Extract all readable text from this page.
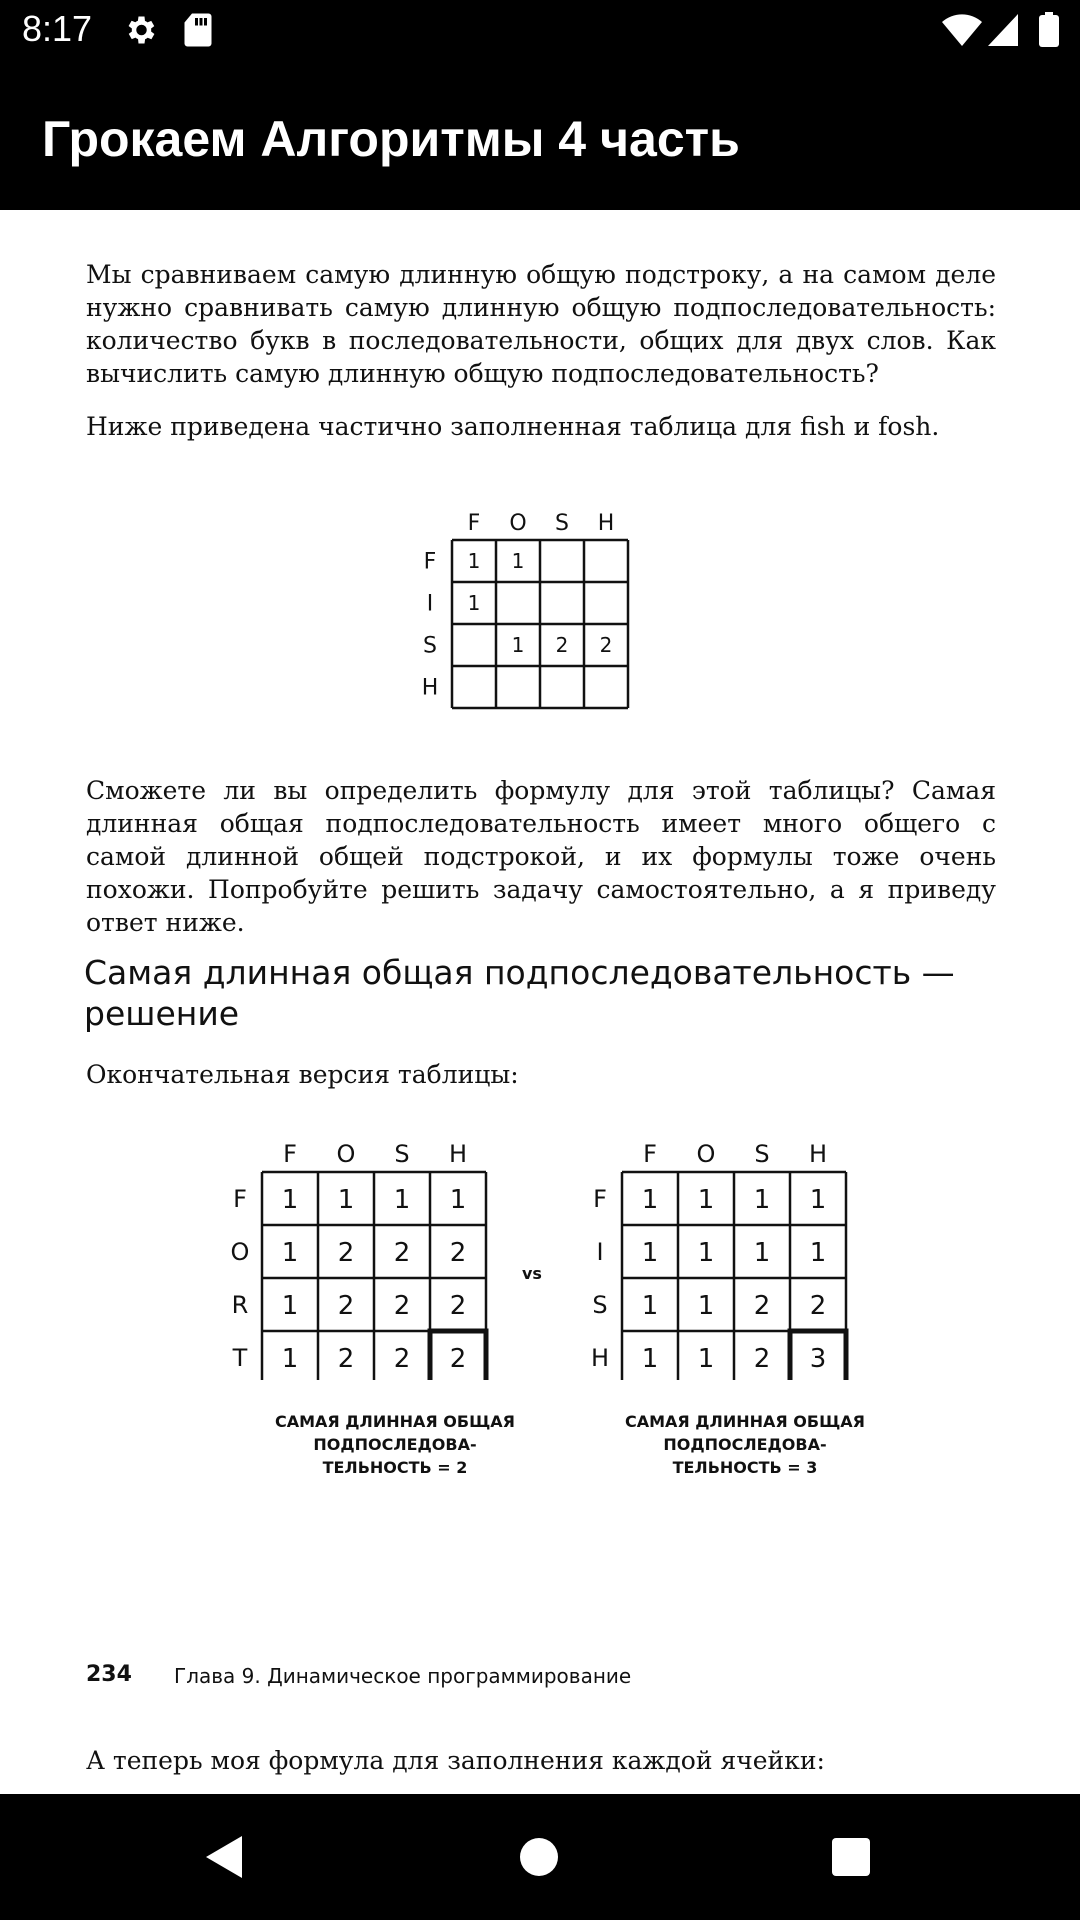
8:17
Грокаем Алгоритмы 4 часть
Мы сравниваем самую длинную общую подстроку, а на самом деле нужно сравнивать самую длинную общую подпоследовательность: количество букв в последовательности, общих для двух слов. Как вычислить самую длинную общую подпоследовательность?
Ниже приведена частично заполненная таблица для fish и fosh.
F O S H
F
I
S
H
1 1
1
1 2 2
Сможете ли вы определить формулу для этой таблицы? Самая длинная общая подпоследовательность имеет много общего с самой длинной общей подстрокой, и их формулы тоже очень похожи. Попробуйте решить задачу самостоятельно, а я приведу ответ ниже.
Самая длинная общая подпоследовательность — решение
Окончательная версия таблицы:
F O S H
F
O
R
T
1 1 1 1
1 2 2 2
1 2 2 2
1 2 2 2
vs
F O S H
F
I
S
H
1 1 1 1
1 1 1 1
1 1 2 2
1 1 2 3
САМАЯ ДЛИННАЯ ОБЩАЯ ПОДПОСЛЕДОВА- ТЕЛЬНОСТЬ = 2
САМАЯ ДЛИННАЯ ОБЩАЯ ПОДПОСЛЕДОВА- ТЕЛЬНОСТЬ = 3
234 Глава 9. Динамическое программирование
А теперь моя формула для заполнения каждой ячейки:
